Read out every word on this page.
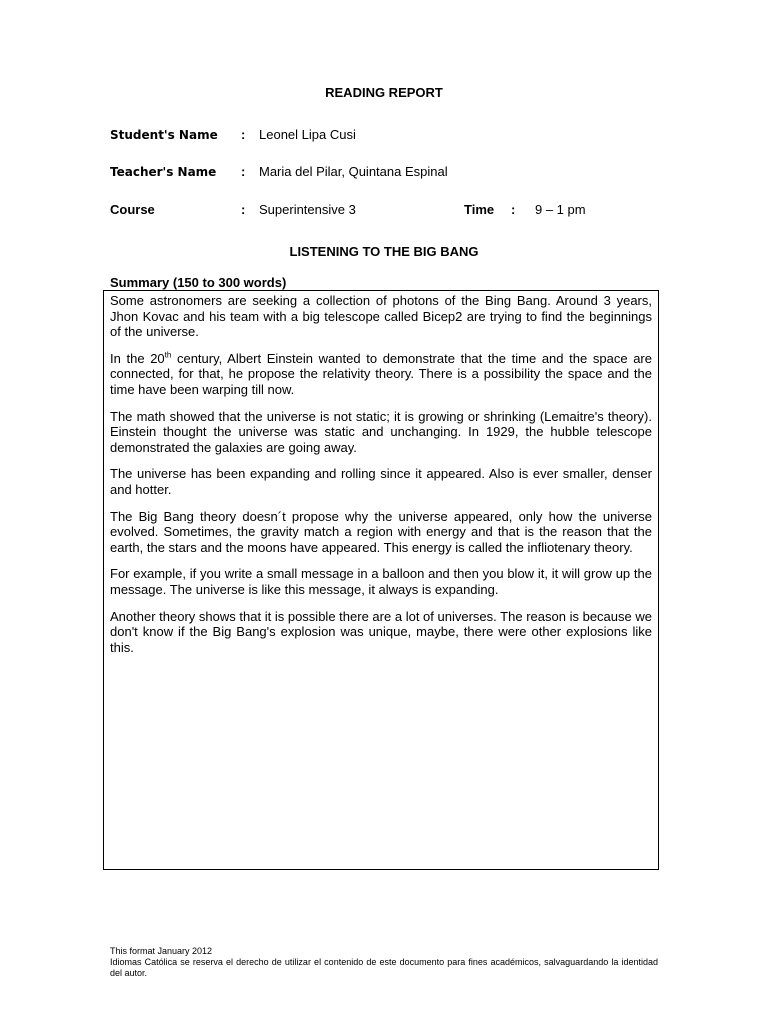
READING REPORT
Student's Name : Leonel Lipa Cusi
Teacher's Name : Maria del Pilar, Quintana Espinal
Course	: Superintensive 3	Time : 9 – 1 pm
LISTENING TO THE BIG BANG
Summary (150 to 300 words)

Some astronomers are seeking a collection of photons of the Bing Bang. Around 3 years, Jhon Kovac and his team with a big telescope called Bicep2 are trying to find the beginnings of the universe.

In the 20th century, Albert Einstein wanted to demonstrate that the time and the space are connected, for that, he propose the relativity theory. There is a possibility the space and the time have been warping till now.

The math showed that the universe is not static; it is growing or shrinking (Lemaitre's theory). Einstein thought the universe was static and unchanging. In 1929, the hubble telescope demonstrated the galaxies are going away.

The universe has been expanding and rolling since it appeared. Also is ever smaller, denser and hotter.

The Big Bang theory doesn´t propose why the universe appeared, only how the universe evolved. Sometimes, the gravity match a region with energy and that is the reason that the earth, the stars and the moons have appeared. This energy is called the infliotenary theory.

For example, if you write a small message in a balloon and then you blow it, it will grow up the message. The universe is like this message, it always is expanding.

Another theory shows that it is possible there are a lot of universes. The reason is because we don't know if the Big Bang's explosion was unique, maybe, there were other explosions like this.

This format January 2012
Idiomas Católica se reserva el derecho de utilizar el contenido de este documento para fines académicos, salvaguardando la identidad del autor.
